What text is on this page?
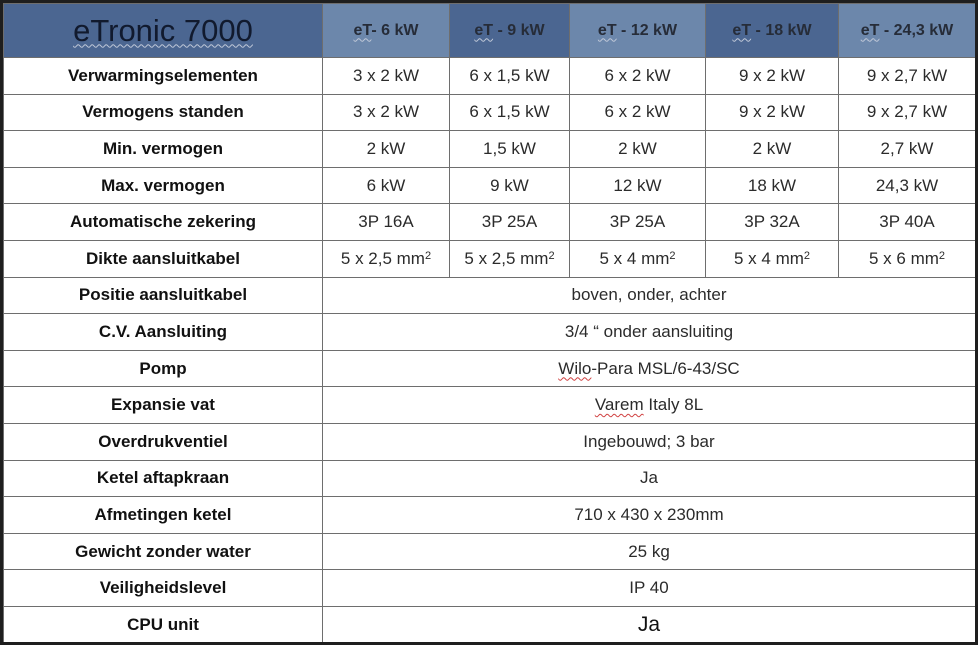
eTronic 7000	eT- 6 kW	eT - 9 kW	eT - 12 kW	eT - 18 kW	eT - 24,3 kW
Verwarmingselementen	3 x 2 kW	6 x 1,5 kW	6 x 2 kW	9 x 2 kW	9 x 2,7 kW
Vermogens standen	3 x 2 kW	6 x 1,5 kW	6 x 2 kW	9 x 2 kW	9 x 2,7 kW
Min. vermogen	2 kW	1,5 kW	2 kW	2 kW	2,7 kW
Max. vermogen	6 kW	9 kW	12 kW	18 kW	24,3 kW
Automatische zekering	3P 16A	3P 25A	3P 25A	3P 32A	3P 40A
Dikte aansluitkabel	5 x 2,5 $mm^2$	5 x 2,5 $mm^2$	5 x 4 $mm^2$	5 x 4 $mm^2$	5 x 6 $mm^2$
Positie aansluitkabel	boven, onder, achter				
C.V. Aansluiting	3/4 “ onder aansluiting				
Pomp	Wilo-Para MSL/6-43/SC				
Expansie vat	Varem Italy 8L				
Overdrukventiel	Ingebouwd; 3 bar				
Ketel aftapkraan	Ja				
Afmetingen ketel	710 x 430 x 230mm				
Gewicht zonder water	25 kg				
Veiligheidslevel	IP 40				
CPU unit	Ja				
